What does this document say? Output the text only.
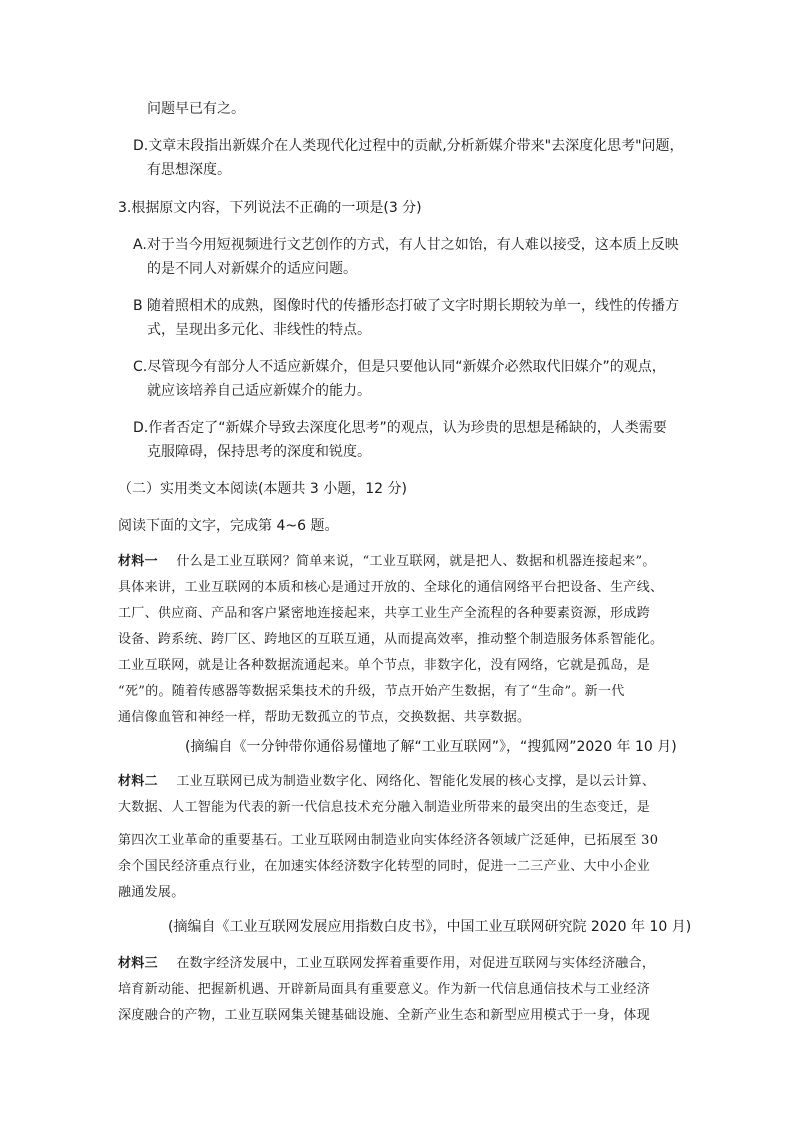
问题早已有之。
D.文章末段指出新媒介在人类现代化过程中的贡献,分析新媒介带来"去深度化思考"问题，
有思想深度。
3.根据原文内容，下列说法不正确的一项是(3 分)
A.对于当今用短视频进行文艺创作的方式，有人甘之如饴，有人难以接受，这本质上反映
的是不同人对新媒介的适应问题。
B 随着照相术的成熟，图像时代的传播形态打破了文字时期长期较为单一，线性的传播方
式，呈现出多元化、非线性的特点。
C.尽管现今有部分人不适应新媒介，但是只要他认同“新媒介必然取代旧媒介”的观点，
就应该培养自己适应新媒介的能力。
D.作者否定了“新媒介导致去深度化思考”的观点，认为珍贵的思想是稀缺的，人类需要
克服障碍，保持思考的深度和锐度。
（二）实用类文本阅读(本题共 3 小题，12 分)
阅读下面的文字，完成第 4~6 题。
材料一 什么是工业互联网？简单来说，“工业互联网，就是把人、数据和机器连接起来”。
具体来讲，工业互联网的本质和核心是通过开放的、全球化的通信网络平台把设备、生产线、
工厂、供应商、产品和客户紧密地连接起来，共享工业生产全流程的各种要素资源，形成跨
设备、跨系统、跨厂区、跨地区的互联互通，从而提高效率，推动整个制造服务体系智能化。
工业互联网，就是让各种数据流通起来。单个节点，非数字化，没有网络，它就是孤岛，是
“死”的。随着传感器等数据采集技术的升级，节点开始产生数据，有了“生命”。新一代
通信像血管和神经一样，帮助无数孤立的节点，交换数据、共享数据。
(摘编自《一分钟带你通俗易懂地了解“工业互联网”》，“搜狐网”2020 年 10 月)
材料二 工业互联网已成为制造业数字化、网络化、智能化发展的核心支撑，是以云计算、
大数据、人工智能为代表的新一代信息技术充分融入制造业所带来的最突出的生态变迁，是
第四次工业革命的重要基石。工业互联网由制造业向实体经济各领域广泛延伸，已拓展至 30
余个国民经济重点行业，在加速实体经济数字化转型的同时，促进一二三产业、大中小企业
融通发展。
(摘编自《工业互联网发展应用指数白皮书》，中国工业互联网研究院 2020 年 10 月)
材料三 在数字经济发展中，工业互联网发挥着重要作用，对促进互联网与实体经济融合，
培育新动能、把握新机遇、开辟新局面具有重要意义。作为新一代信息通信技术与工业经济
深度融合的产物，工业互联网集关键基础设施、全新产业生态和新型应用模式于一身，体现
